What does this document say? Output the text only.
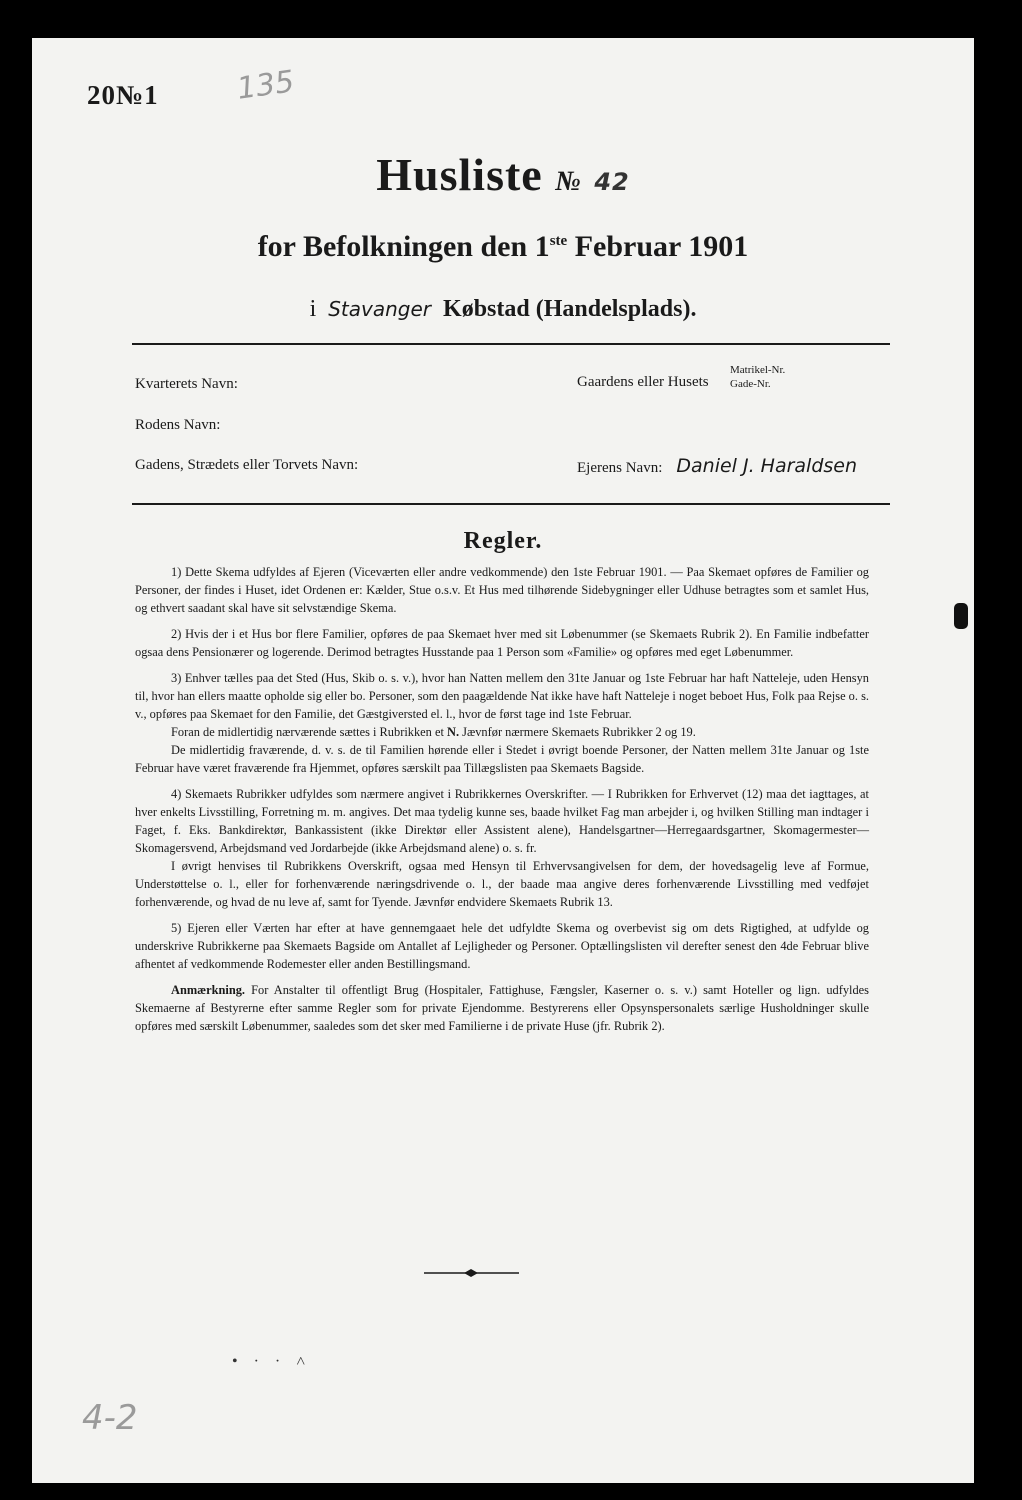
20№1	135
Husliste № 42
for Befolkningen den 1ste Februar 1901
i Stavanger Købstad (Handelsplads).
Kvarterets Navn:
Rodens Navn:
Gadens, Strædets eller Torvets Navn:
Gaardens eller Husets
Matrikel-Nr.
Gade-Nr.
Ejerens Navn: Daniel J. Haraldsen
Regler.

1) Dette Skema udfyldes af Ejeren (Viceværten eller andre vedkommende) den 1ste Februar 1901. — Paa Skemaet opføres de Familier og Personer, der findes i Huset, idet Ordenen er: Kælder, Stue o.s.v. Et Hus med tilhørende Sidebygninger eller Udhuse betragtes som et samlet Hus, og ethvert saadant skal have sit selvstændige Skema.

2) Hvis der i et Hus bor flere Familier, opføres de paa Skemaet hver med sit Løbenummer (se Skemaets Rubrik 2). En Familie indbefatter ogsaa dens Pensionærer og logerende. Derimod betragtes Husstande paa 1 Person som «Familie» og opføres med eget Løbenummer.

3) Enhver tælles paa det Sted (Hus, Skib o. s. v.), hvor han Natten mellem den 31te Januar og 1ste Februar har haft Natteleje, uden Hensyn til, hvor han ellers maatte opholde sig eller bo. Personer, som den paagældende Nat ikke have haft Natteleje i noget beboet Hus, Folk paa Rejse o. s. v., opføres paa Skemaet for den Familie, det Gæstgiversted el. l., hvor de først tage ind 1ste Februar.

Foran de midlertidig nærværende sættes i Rubrikken et N. Jævnfør nærmere Skemaets Rubrikker 2 og 19.

De midlertidig fraværende, d. v. s. de til Familien hørende eller i Stedet i øvrigt boende Personer, der Natten mellem 31te Januar og 1ste Februar have været fraværende fra Hjemmet, opføres særskilt paa Tillægslisten paa Skemaets Bagside.

4) Skemaets Rubrikker udfyldes som nærmere angivet i Rubrikkernes Overskrifter. — I Rubrikken for Erhvervet (12) maa det iagttages, at hver enkelts Livsstilling, Forretning m. m. angives. Det maa tydelig kunne ses, baade hvilket Fag man arbejder i, og hvilken Stilling man indtager i Faget, f. Eks. Bankdirektør, Bankassistent (ikke Direktør eller Assistent alene), Handelsgartner—Herregaardsgartner, Skomagermester—Skomagersvend, Arbejdsmand ved Jordarbejde (ikke Arbejdsmand alene) o. s. fr.

I øvrigt henvises til Rubrikkens Overskrift, ogsaa med Hensyn til Erhvervsangivelsen for dem, der hovedsagelig leve af Formue, Understøttelse o. l., eller for forhenværende næringsdrivende o. l., der baade maa angive deres forhenværende Livsstilling med vedføjet forhenværende, og hvad de nu leve af, samt for Tyende. Jævnfør endvidere Skemaets Rubrik 13.

5) Ejeren eller Værten har efter at have gennemgaaet hele det udfyldte Skema og overbevist sig om dets Rigtighed, at udfylde og underskrive Rubrikkerne paa Skemaets Bagside om Antallet af Lejligheder og Personer. Optællingslisten vil derefter senest den 4de Februar blive afhentet af vedkommende Rodemester eller anden Bestillingsmand.

Anmærkning. For Anstalter til offentligt Brug (Hospitaler, Fattighuse, Fængsler, Kaserner o. s. v.) samt Hoteller og lign. udfyldes Skemaerne af Bestyrerne efter samme Regler som for private Ejendomme. Bestyrerens eller Opsynspersonalets særlige Husholdninger skulle opføres med særskilt Løbenummer, saaledes som det sker med Familierne i de private Huse (jfr. Rubrik 2).

• · · ˄
4-2
